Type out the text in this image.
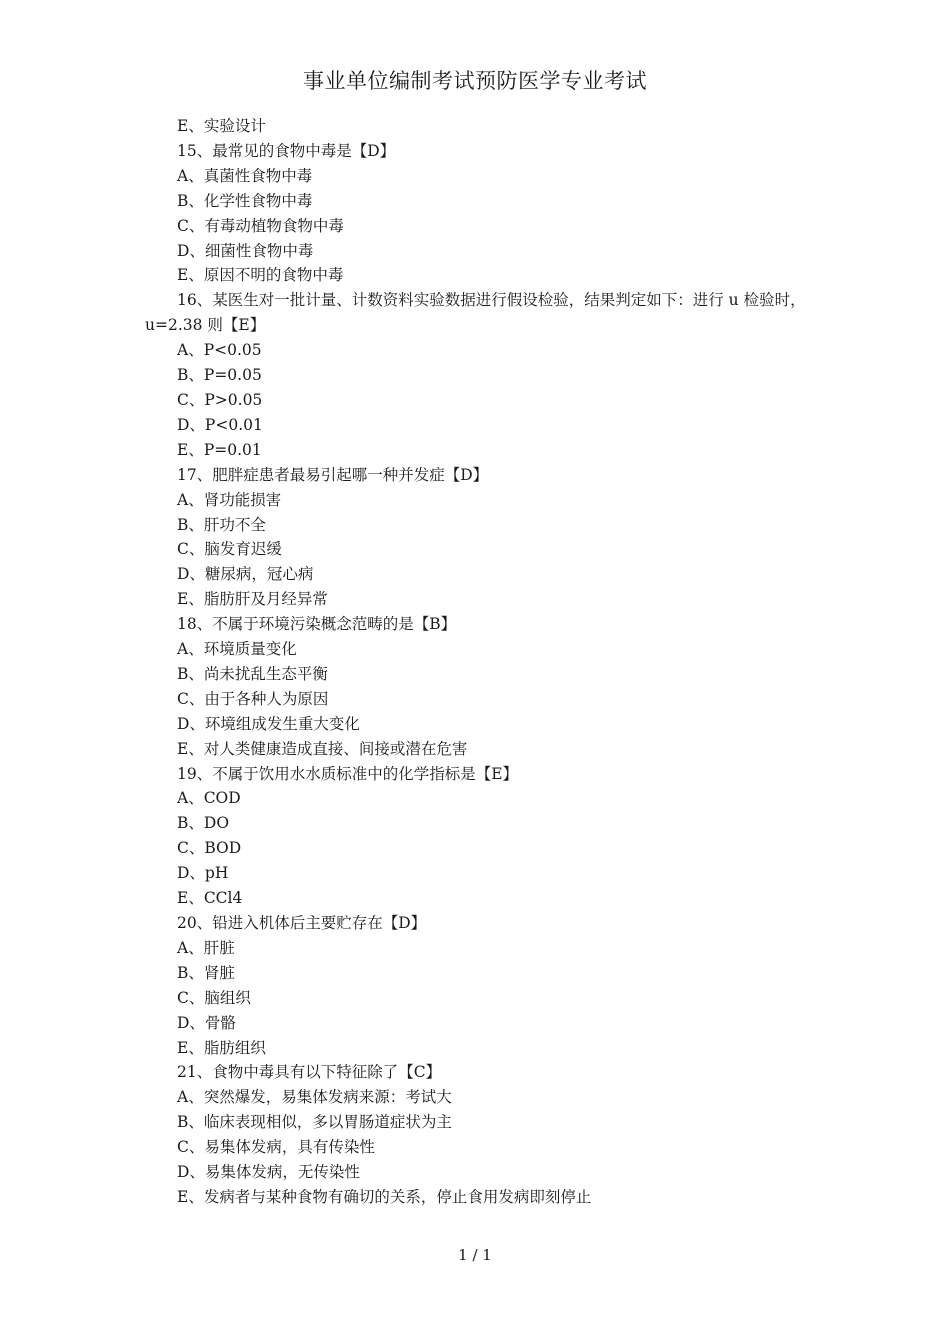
事业单位编制考试预防医学专业考试
E、实验设计
15、最常见的食物中毒是【D】
A、真菌性食物中毒
B、化学性食物中毒
C、有毒动植物食物中毒
D、细菌性食物中毒
E、原因不明的食物中毒
16、某医生对一批计量、计数资料实验数据进行假设检验，结果判定如下：进行 u 检验时，u=2.38 则【E】
A、P<0.05
B、P=0.05
C、P>0.05
D、P<0.01
E、P=0.01
17、肥胖症患者最易引起哪一种并发症【D】
A、肾功能损害
B、肝功不全
C、脑发育迟缓
D、糖尿病，冠心病
E、脂肪肝及月经异常
18、不属于环境污染概念范畴的是【B】
A、环境质量变化
B、尚未扰乱生态平衡
C、由于各种人为原因
D、环境组成发生重大变化
E、对人类健康造成直接、间接或潜在危害
19、不属于饮用水水质标准中的化学指标是【E】
A、COD
B、DO
C、BOD
D、pH
E、CCl4
20、铅进入机体后主要贮存在【D】
A、肝脏
B、肾脏
C、脑组织
D、骨骼
E、脂肪组织
21、食物中毒具有以下特征除了【C】
A、突然爆发，易集体发病来源：考试大
B、临床表现相似，多以胃肠道症状为主
C、易集体发病，具有传染性
D、易集体发病，无传染性
E、发病者与某种食物有确切的关系，停止食用发病即刻停止
1 / 1
